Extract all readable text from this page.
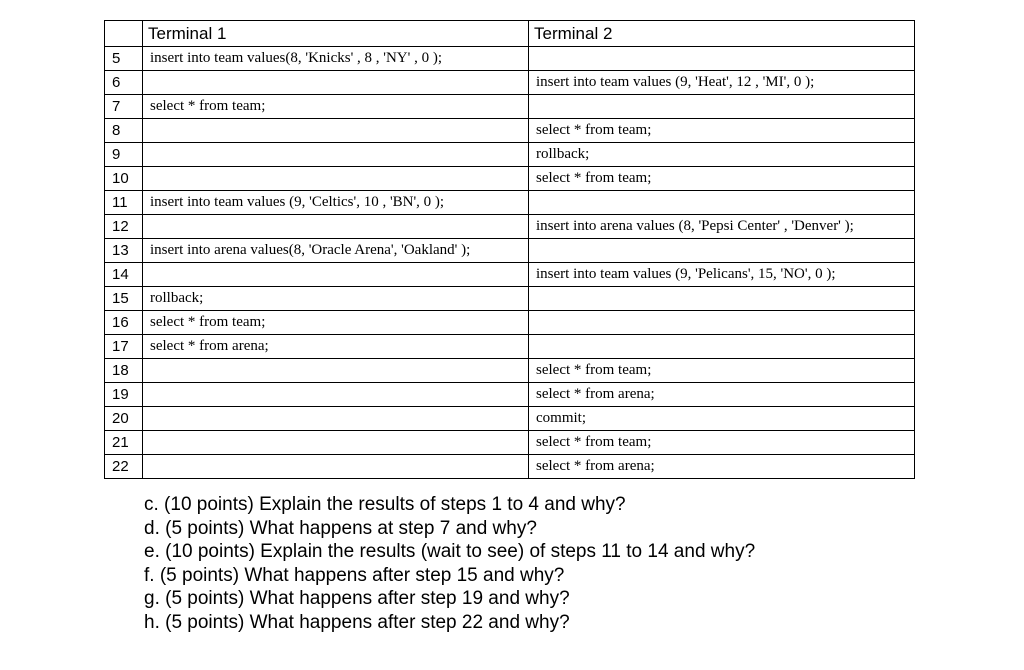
	Terminal 1	Terminal 2
5	insert into team values(8, 'Knicks' , 8 , 'NY' , 0 );	
6		insert into team values (9, 'Heat', 12 , 'MI', 0 );
7	select * from team;	
8		select * from team;
9		rollback;
10		select * from team;
11	insert into team values (9, 'Celtics', 10 , 'BN', 0 );	
12		insert into arena values (8, 'Pepsi Center' , 'Denver' );
13	insert into arena values(8, 'Oracle Arena', 'Oakland' );	
14		insert into team values (9, 'Pelicans', 15, 'NO', 0 );
15	rollback;	
16	select * from team;	
17	select * from arena;	
18		select * from team;
19		select * from arena;
20		commit;
21		select * from team;
22		select * from arena;
c. (10 points) Explain the results of steps 1 to 4 and why?
d. (5 points) What happens at step 7 and why?
e. (10 points) Explain the results (wait to see) of steps 11 to 14 and why?
f. (5 points) What happens after step 15 and why?
g. (5 points) What happens after step 19 and why?
h. (5 points) What happens after step 22 and why?
